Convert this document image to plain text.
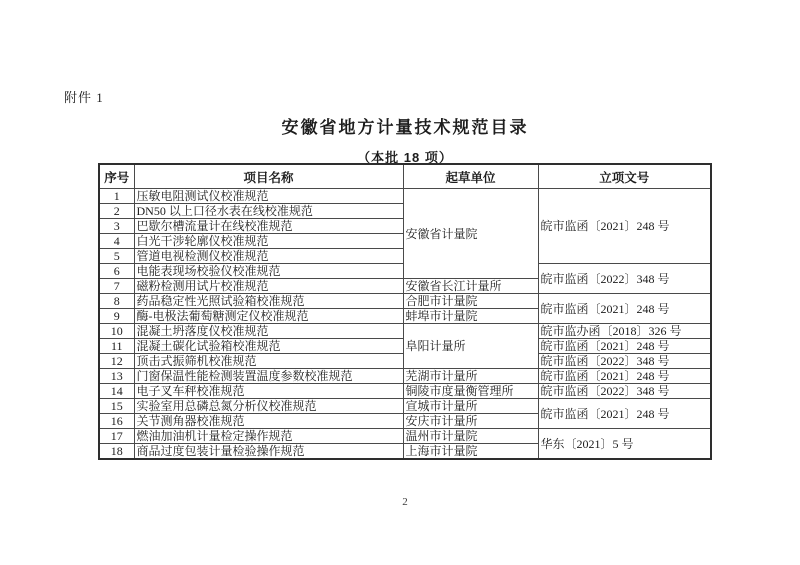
附件 1
安徽省地方计量技术规范目录
（本批 18 项）
序号	项目名称	起草单位	立项文号
1	压敏电阻测试仪校准规范	安徽省计量院	皖市监函〔2021〕248 号
2	DN50 以上口径水表在线校准规范		
3	巴歇尔槽流量计在线校准规范		
4	白光干涉轮廓仪校准规范		
5	管道电视检测仪校准规范		
6	电能表现场校验仪校准规范		皖市监函〔2022〕348 号
7	磁粉检测用试片校准规范	安徽省长江计量所	
8	药品稳定性光照试验箱校准规范	合肥市计量院	皖市监函〔2021〕248 号
9	酶-电极法葡萄糖测定仪校准规范	蚌埠市计量院	
10	混凝土坍落度仪校准规范	阜阳计量所	皖市监办函〔2018〕326 号
11	混凝土碳化试验箱校准规范		皖市监函〔2021〕248 号
12	顶击式振筛机校准规范		皖市监函〔2022〕348 号
13	门窗保温性能检测装置温度参数校准规范	芜湖市计量所	皖市监函〔2021〕248 号
14	电子叉车秤校准规范	铜陵市度量衡管理所	皖市监函〔2022〕348 号
15	实验室用总磷总氮分析仪校准规范	宣城市计量所	皖市监函〔2021〕248 号
16	关节测角器校准规范	安庆市计量所	
17	燃油加油机计量检定操作规范	温州市计量院	华东〔2021〕5 号
18	商品过度包装计量检验操作规范	上海市计量院	
2
